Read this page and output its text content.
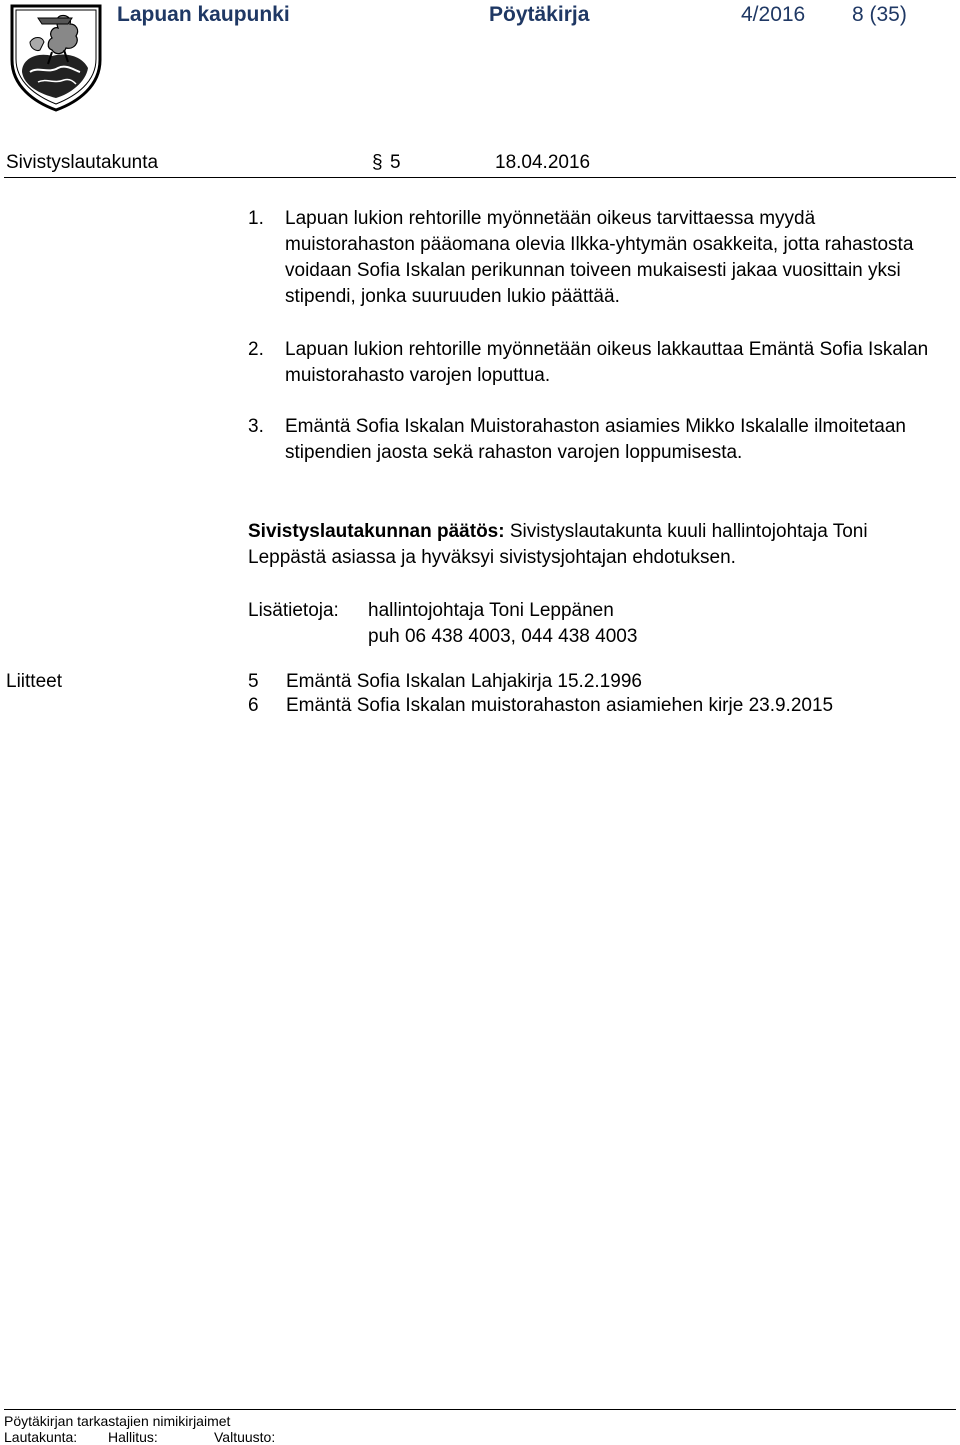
Lapuan kaupunki	Pöytäkirja	4/2016 8 (35)
Sivistyslautakunta	§ 5	18.04.2016
1. Lapuan lukion rehtorille myönnetään oikeus tarvittaessa myydä muistorahaston pääomana olevia Ilkka-yhtymän osakkeita, jotta rahastosta voidaan Sofia Iskalan perikunnan toiveen mukaisesti jakaa vuosittain yksi stipendi, jonka suuruuden lukio päättää.
2. Lapuan lukion rehtorille myönnetään oikeus lakkauttaa Emäntä Sofia Iskalan muistorahasto varojen loputtua.
3. Emäntä Sofia Iskalan Muistorahaston asiamies Mikko Iskalalle ilmoitetaan stipendien jaosta sekä rahaston varojen loppumisesta.
Sivistyslautakunnan päätös: Sivistyslautakunta kuuli hallintojohtaja Toni Leppästä asiassa ja hyväksyi sivistysjohtajan ehdotuksen.
Lisätietoja: hallintojohtaja Toni Leppänen
puh 06 438 4003, 044 438 4003
Liitteet	5 Emäntä Sofia Iskalan Lahjakirja 15.2.1996
6 Emäntä Sofia Iskalan muistorahaston asiamiehen kirje 23.9.2015
Pöytäkirjan tarkastajien nimikirjaimet
Lautakunta: Hallitus:	Valtuusto:
